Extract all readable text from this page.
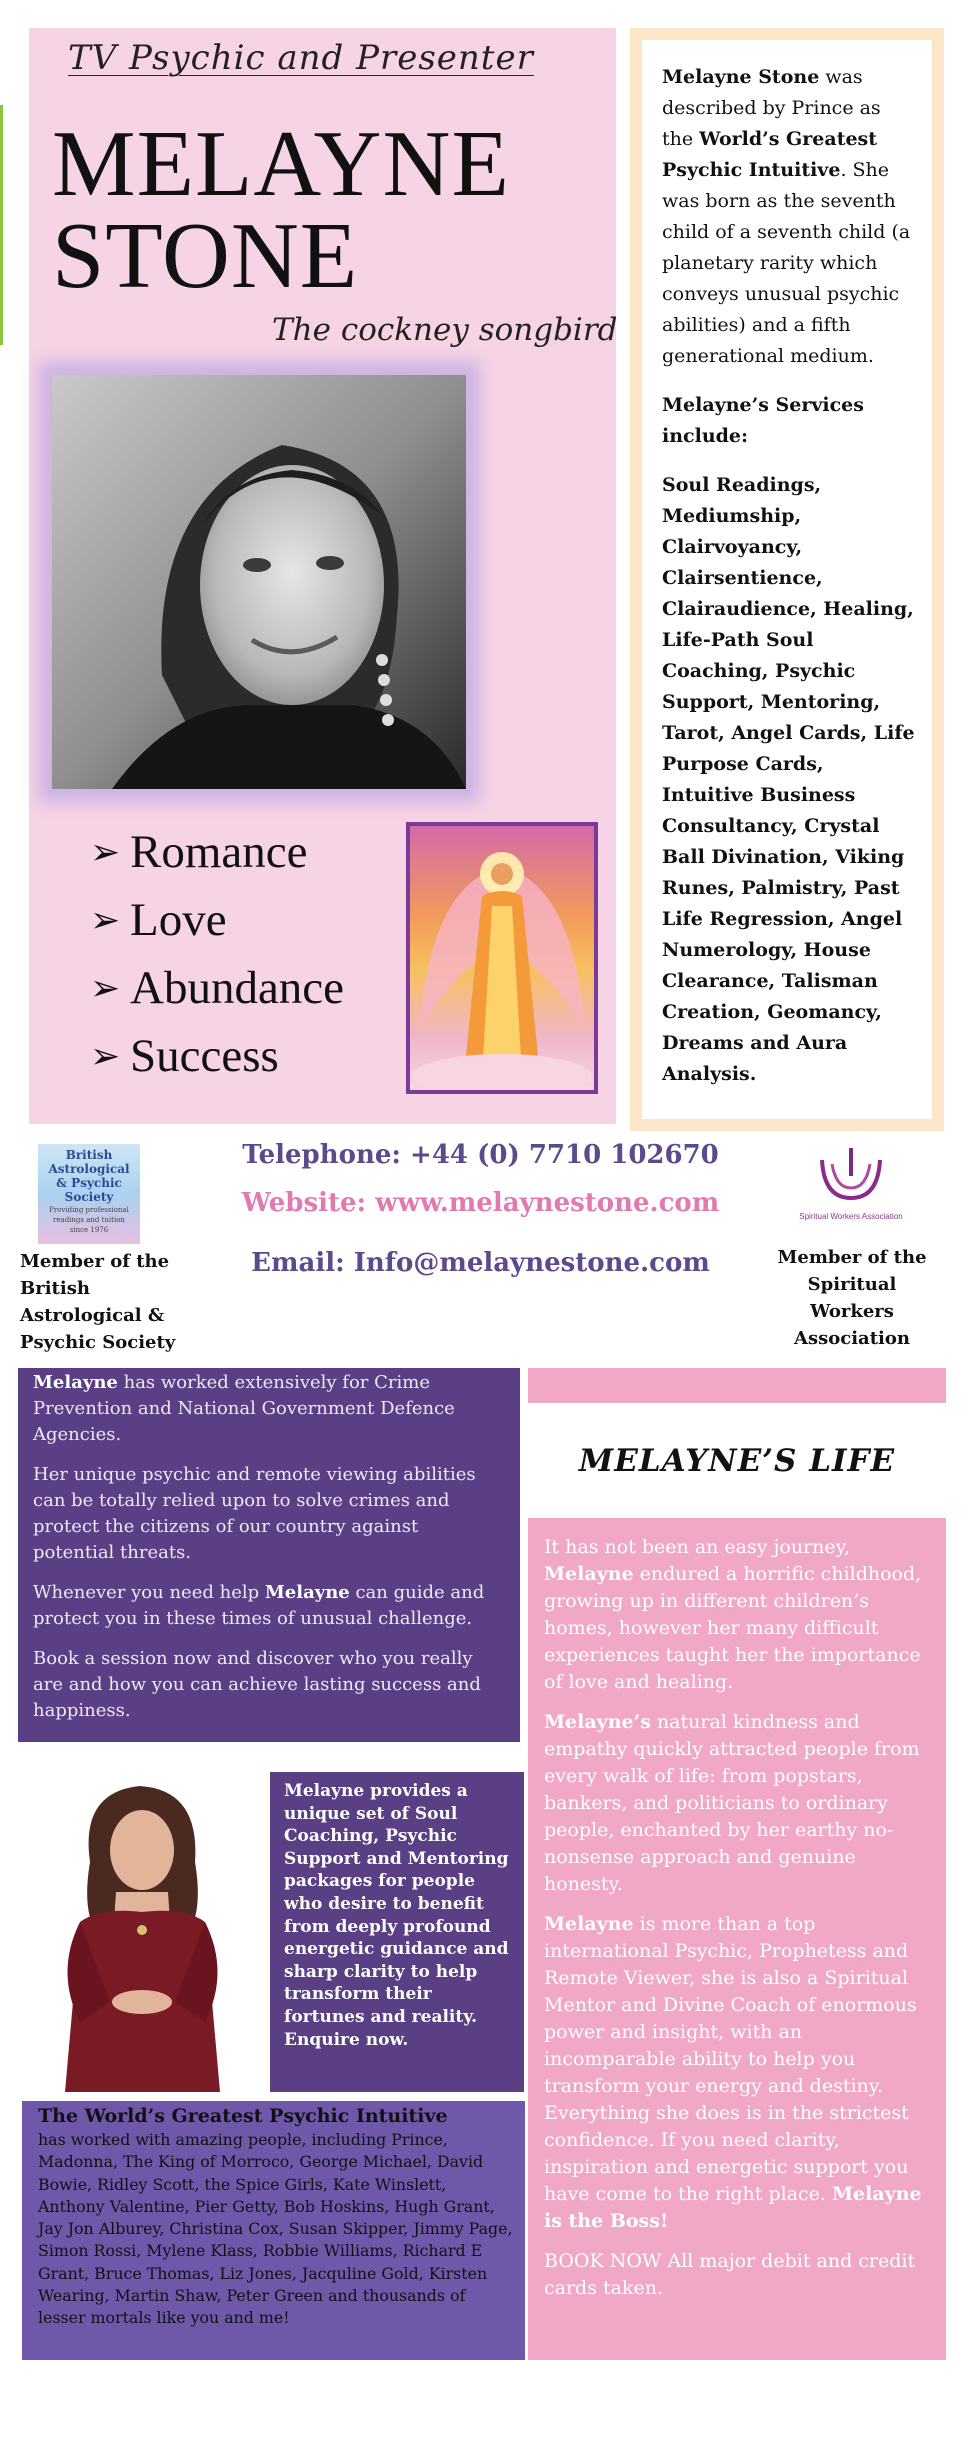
TV Psychic and Presenter
MELAYNE
STONE
The cockney songbird
➢ Romance
➢ Love
➢ Abundance
➢ Success

Melayne Stone was described by Prince as the World’s Greatest Psychic Intuitive. She was born as the seventh child of a seventh child (a planetary rarity which conveys unusual psychic abilities) and a fifth generational medium.

Melayne’s Services include:

Soul Readings, Mediumship, Clairvoyancy, Clairsentience, Clairaudience, Healing, Life-Path Soul Coaching, Psychic Support, Mentoring, Tarot, Angel Cards, Life Purpose Cards, Intuitive Business Consultancy, Crystal Ball Divination, Viking Runes, Palmistry, Past Life Regression, Angel Numerology, House Clearance, Talisman Creation, Geomancy, Dreams and Aura Analysis.

British
Astrological
& Psychic
Society
Providing professional
readings and tuition
since 1976
Member of the British Astrological & Psychic Society
Telephone: +44 (0) 7710 102670
Website: www.melaynestone.com
Email: Info@melaynestone.com
Spiritual Workers Association
Member of the Spiritual Workers Association

Melayne has worked extensively for Crime Prevention and National Government Defence Agencies.

Her unique psychic and remote viewing abilities can be totally relied upon to solve crimes and protect the citizens of our country against potential threats.

Whenever you need help Melayne can guide and protect you in these times of unusual challenge.

Book a session now and discover who you really are and how you can achieve lasting success and happiness.

MELAYNE’S LIFE

It has not been an easy journey, Melayne endured a horrific childhood, growing up in different children’s homes, however her many difficult experiences taught her the importance of love and healing.

Melayne’s natural kindness and empathy quickly attracted people from every walk of life: from popstars, bankers, and politicians to ordinary people, enchanted by her earthy no-nonsense approach and genuine honesty.

Melayne is more than a top international Psychic, Prophetess and Remote Viewer, she is also a Spiritual Mentor and Divine Coach of enormous power and insight, with an incomparable ability to help you transform your energy and destiny. Everything she does is in the strictest confidence. If you need clarity, inspiration and energetic support you have come to the right place. Melayne is the Boss!

BOOK NOW All major debit and credit cards taken.

Melayne provides a unique set of Soul Coaching, Psychic Support and Mentoring packages for people who desire to benefit from deeply profound energetic guidance and sharp clarity to help transform their fortunes and reality. Enquire now.
The World’s Greatest Psychic Intuitive
has worked with amazing people, including Prince, Madonna, The King of Morroco, George Michael, David Bowie, Ridley Scott, the Spice Girls, Kate Winslett, Anthony Valentine, Pier Getty, Bob Hoskins, Hugh Grant, Jay Jon Alburey, Christina Cox, Susan Skipper, Jimmy Page, Simon Rossi, Mylene Klass, Robbie Williams, Richard E Grant, Bruce Thomas, Liz Jones, Jacquline Gold, Kirsten Wearing, Martin Shaw, Peter Green and thousands of lesser mortals like you and me!
